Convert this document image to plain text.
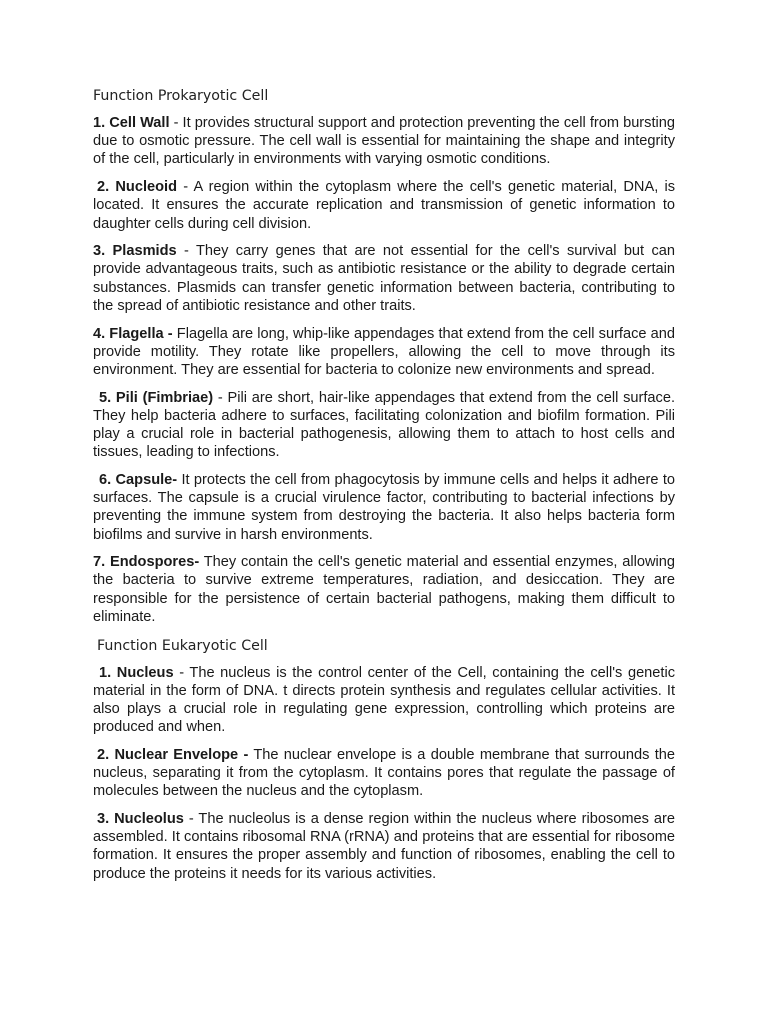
Function Prokaryotic Cell

1. Cell Wall - It provides structural support and protection preventing the cell from bursting due to osmotic pressure. The cell wall is essential for maintaining the shape and integrity of the cell, particularly in environments with varying osmotic conditions.

2. Nucleoid - A region within the cytoplasm where the cell's genetic material, DNA, is located. It ensures the accurate replication and transmission of genetic information to daughter cells during cell division.

3. Plasmids - They carry genes that are not essential for the cell's survival but can provide advantageous traits, such as antibiotic resistance or the ability to degrade certain substances. Plasmids can transfer genetic information between bacteria, contributing to the spread of antibiotic resistance and other traits.

4. Flagella - Flagella are long, whip-like appendages that extend from the cell surface and provide motility. They rotate like propellers, allowing the cell to move through its environment. They are essential for bacteria to colonize new environments and spread.

5. Pili (Fimbriae) - Pili are short, hair-like appendages that extend from the cell surface. They help bacteria adhere to surfaces, facilitating colonization and biofilm formation. Pili play a crucial role in bacterial pathogenesis, allowing them to attach to host cells and tissues, leading to infections.

6. Capsule- It protects the cell from phagocytosis by immune cells and helps it adhere to surfaces. The capsule is a crucial virulence factor, contributing to bacterial infections by preventing the immune system from destroying the bacteria. It also helps bacteria form biofilms and survive in harsh environments.

7. Endospores- They contain the cell's genetic material and essential enzymes, allowing the bacteria to survive extreme temperatures, radiation, and desiccation. They are responsible for the persistence of certain bacterial pathogens, making them difficult to eliminate.

Function Eukaryotic Cell

1. Nucleus - The nucleus is the control center of the Cell, containing the cell's genetic material in the form of DNA. t directs protein synthesis and regulates cellular activities. It also plays a crucial role in regulating gene expression, controlling which proteins are produced and when.

2. Nuclear Envelope - The nuclear envelope is a double membrane that surrounds the nucleus, separating it from the cytoplasm. It contains pores that regulate the passage of molecules between the nucleus and the cytoplasm.

3. Nucleolus - The nucleolus is a dense region within the nucleus where ribosomes are assembled. It contains ribosomal RNA (rRNA) and proteins that are essential for ribosome formation. It ensures the proper assembly and function of ribosomes, enabling the cell to produce the proteins it needs for its various activities.
